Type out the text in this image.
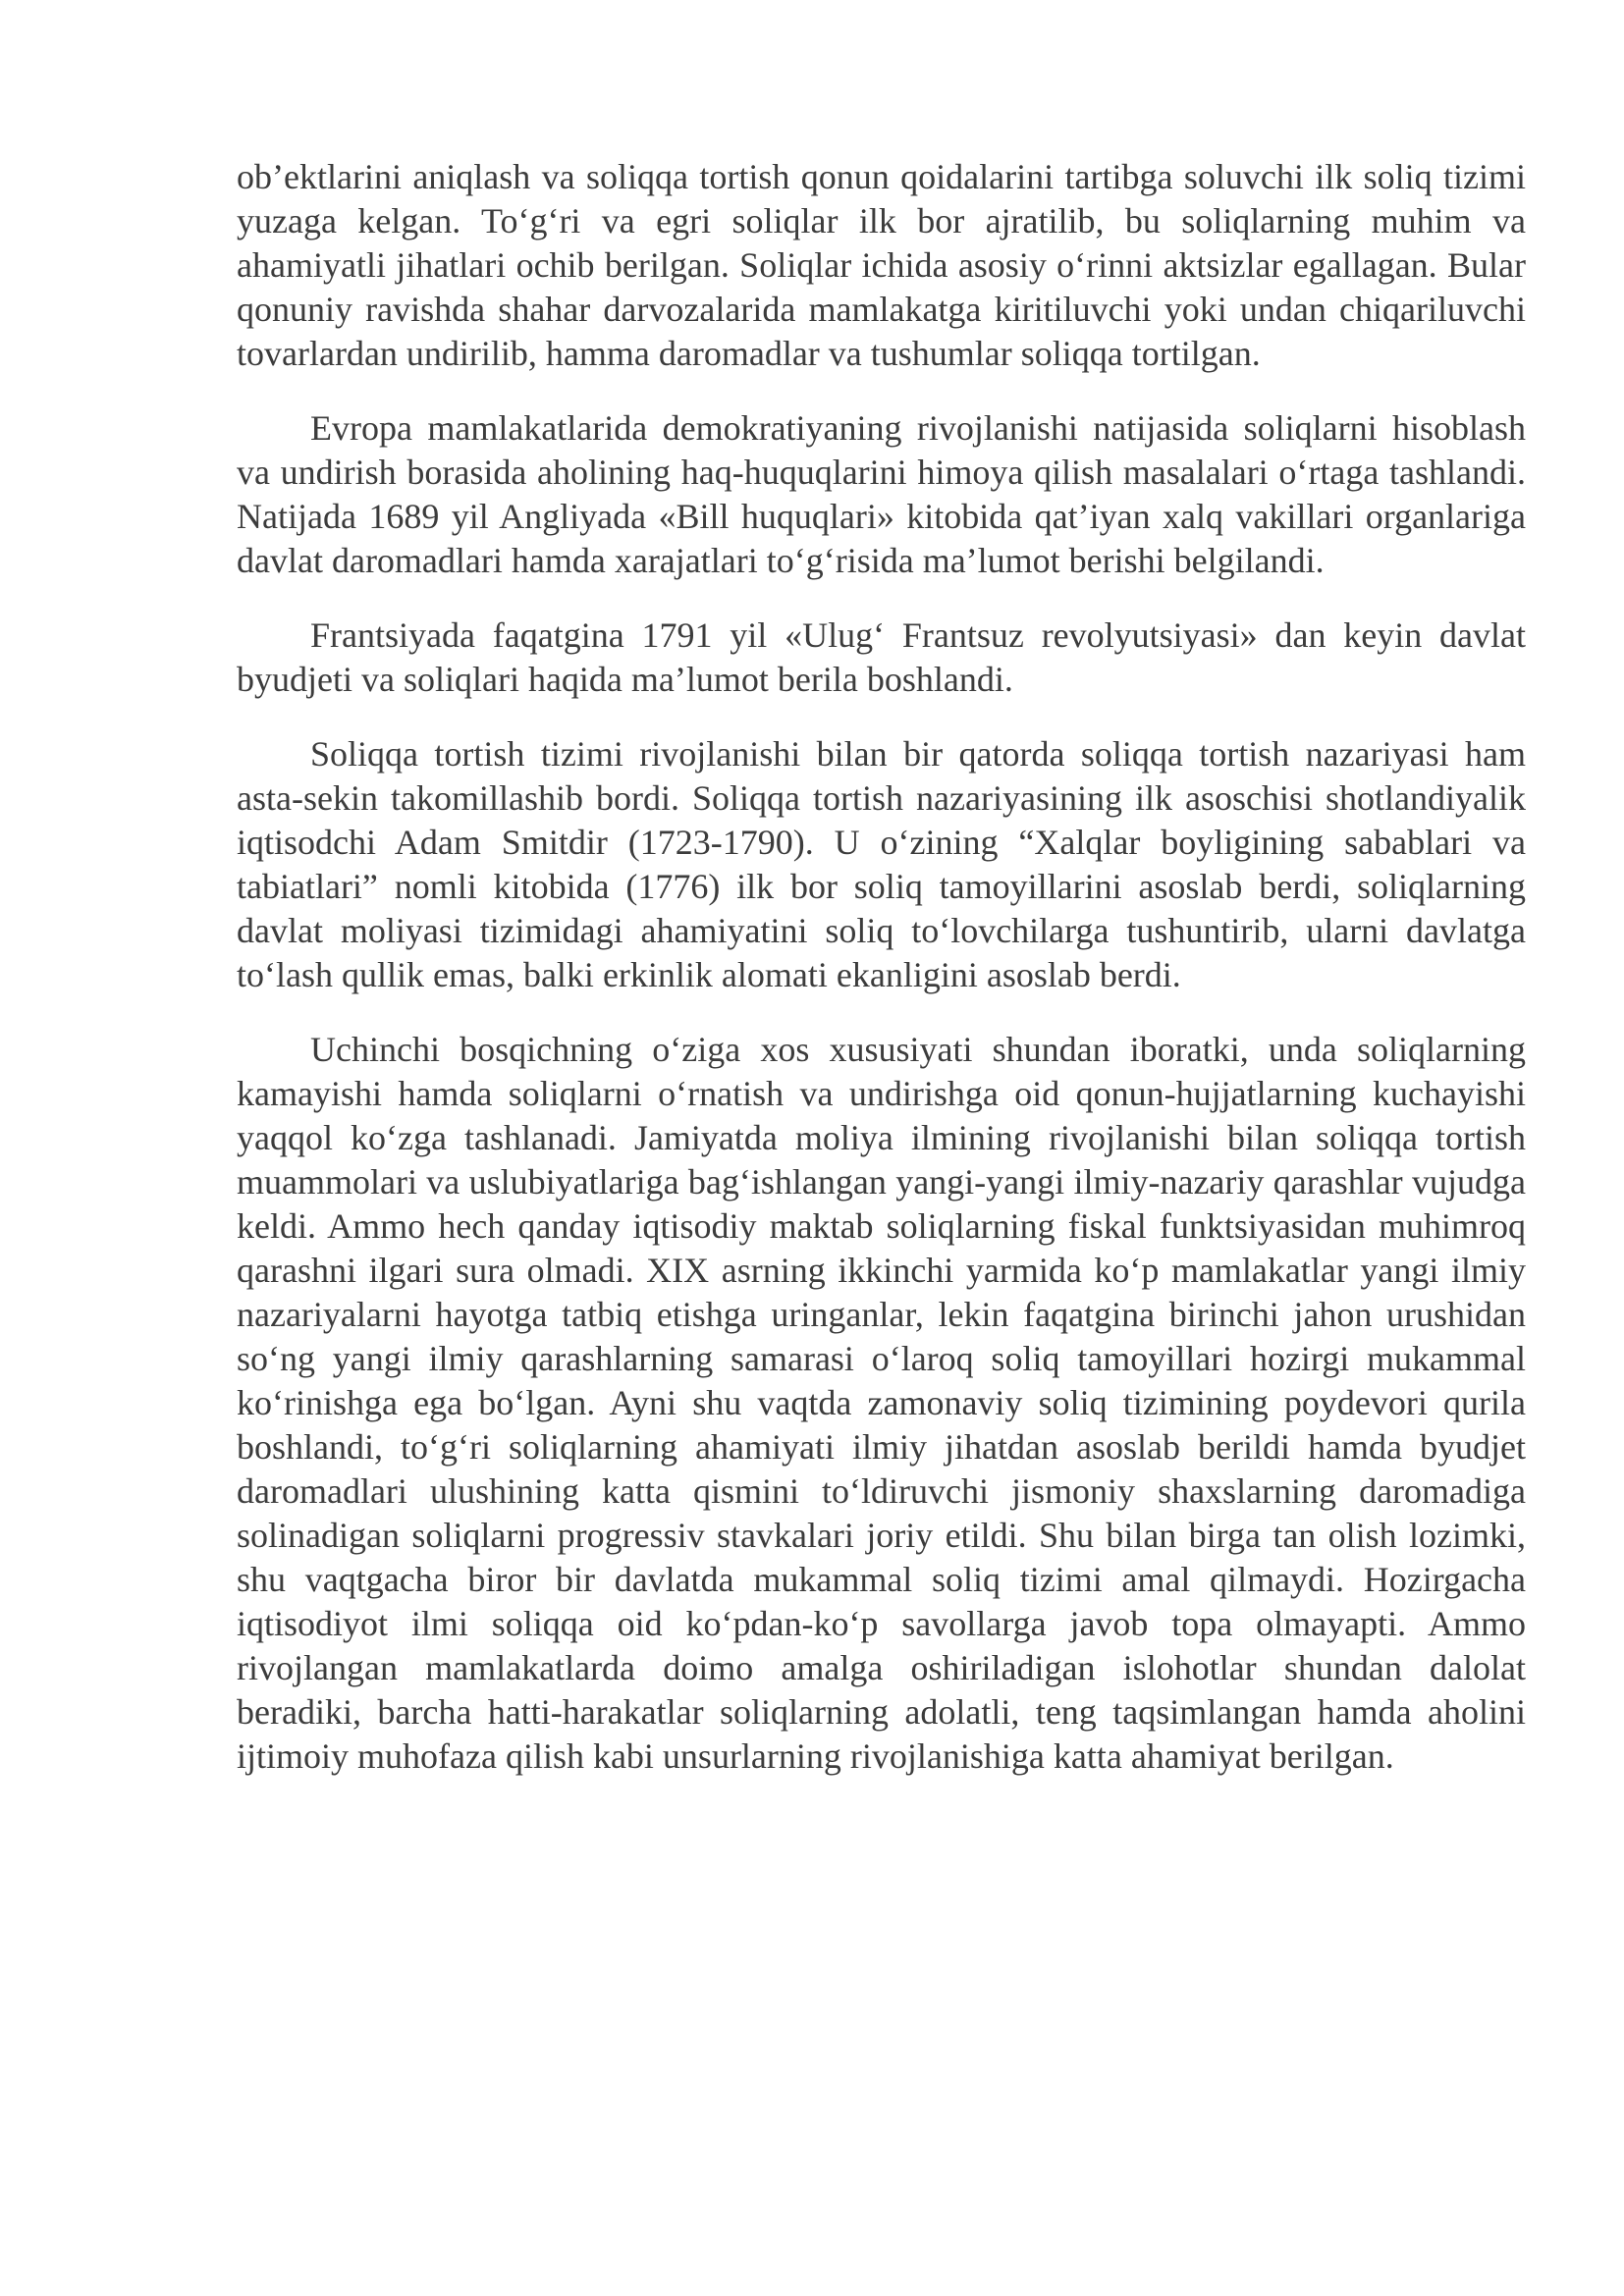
ob’ektlarini aniqlash va soliqqa tortish qonun qoidalarini tartibga soluvchi ilk soliq tizimi yuzaga kelgan. To‘g‘ri va egri soliqlar ilk bor ajratilib, bu soliqlarning muhim va ahamiyatli jihatlari ochib berilgan. Soliqlar ichida asosiy o‘rinni aktsizlar egallagan. Bular qonuniy ravishda shahar darvozalarida mamlakatga kiritiluvchi yoki undan chiqariluvchi tovarlardan undirilib, hamma daromadlar va tushumlar soliqqa tortilgan.

Evropa mamlakatlarida demokratiyaning rivojlanishi natijasida soliqlarni hisoblash va undirish borasida aholining haq-huquqlarini himoya qilish masalalari o‘rtaga tashlandi. Natijada 1689 yil Angliyada «Bill huquqlari» kitobida qat’iyan xalq vakillari organlariga davlat daromadlari hamda xarajatlari to‘g‘risida ma’lumot berishi belgilandi.

Frantsiyada faqatgina 1791 yil «Ulug‘ Frantsuz revolyutsiyasi» dan keyin davlat byudjeti va soliqlari haqida ma’lumot berila boshlandi.

Soliqqa tortish tizimi rivojlanishi bilan bir qatorda soliqqa tortish nazariyasi ham asta-sekin takomillashib bordi. Soliqqa tortish nazariyasining ilk asoschisi shotlandiyalik iqtisodchi Adam Smitdir (1723-1790). U o‘zining “Xalqlar boyligining sabablari va tabiatlari” nomli kitobida (1776) ilk bor soliq tamoyillarini asoslab berdi, soliqlarning davlat moliyasi tizimidagi ahamiyatini soliq to‘lovchilarga tushuntirib, ularni davlatga to‘lash qullik emas, balki erkinlik alomati ekanligini asoslab berdi.

Uchinchi bosqichning o‘ziga xos xususiyati shundan iboratki, unda soliqlarning kamayishi hamda soliqlarni o‘rnatish va undirishga oid qonun-hujjatlarning kuchayishi yaqqol ko‘zga tashlanadi. Jamiyatda moliya ilmining rivojlanishi bilan soliqqa tortish muammolari va uslubiyatlariga bag‘ishlangan yangi-yangi ilmiy-nazariy qarashlar vujudga keldi. Ammo hech qanday iqtisodiy maktab soliqlarning fiskal funktsiyasidan muhimroq qarashni ilgari sura olmadi. XIX asrning ikkinchi yarmida ko‘p mamlakatlar yangi ilmiy nazariyalarni hayotga tatbiq etishga uringanlar, lekin faqatgina birinchi jahon urushidan so‘ng yangi ilmiy qarashlarning samarasi o‘laroq soliq tamoyillari hozirgi mukammal ko‘rinishga ega bo‘lgan. Ayni shu vaqtda zamonaviy soliq tizimining poydevori qurila boshlandi, to‘g‘ri soliqlarning ahamiyati ilmiy jihatdan asoslab berildi hamda byudjet daromadlari ulushining katta qismini to‘ldiruvchi jismoniy shaxslarning daromadiga solinadigan soliqlarni progressiv stavkalari joriy etildi. Shu bilan birga tan olish lozimki, shu vaqtgacha biror bir davlatda mukammal soliq tizimi amal qilmaydi. Hozirgacha iqtisodiyot ilmi soliqqa oid ko‘pdan-ko‘p savollarga javob topa olmayapti. Ammo rivojlangan mamlakatlarda doimo amalga oshiriladigan islohotlar shundan dalolat beradiki, barcha hatti-harakatlar soliqlarning adolatli, teng taqsimlangan hamda aholini ijtimoiy muhofaza qilish kabi unsurlarning rivojlanishiga katta ahamiyat berilgan.
